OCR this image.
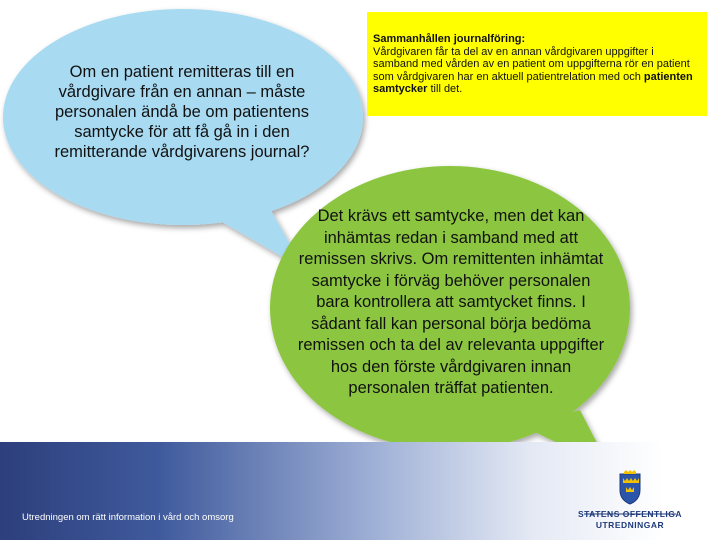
Om en patient remitteras till en vårdgivare från en annan – måste personalen ändå be om patientens samtycke för att få gå in i den remitterande vårdgivarens journal?
Sammanhållen journalföring:
Vårdgivaren får ta del av en annan vårdgivaren uppgifter i samband med vården av en patient om uppgifterna rör en patient som vårdgivaren har en aktuell patientrelation med och patienten samtycker till det.
Det krävs ett samtycke, men det kan inhämtas redan i samband med att remissen skrivs. Om remittenten inhämtat samtycke i förväg behöver personalen bara kontrollera att samtycket finns. I sådant fall kan personal börja bedöma remissen och ta del av relevanta uppgifter hos den förste vårdgivaren innan personalen träffat patienten.
Utredningen om rätt information i vård och omsorg	STATENS OFFENTLIGA
UTREDNINGAR
